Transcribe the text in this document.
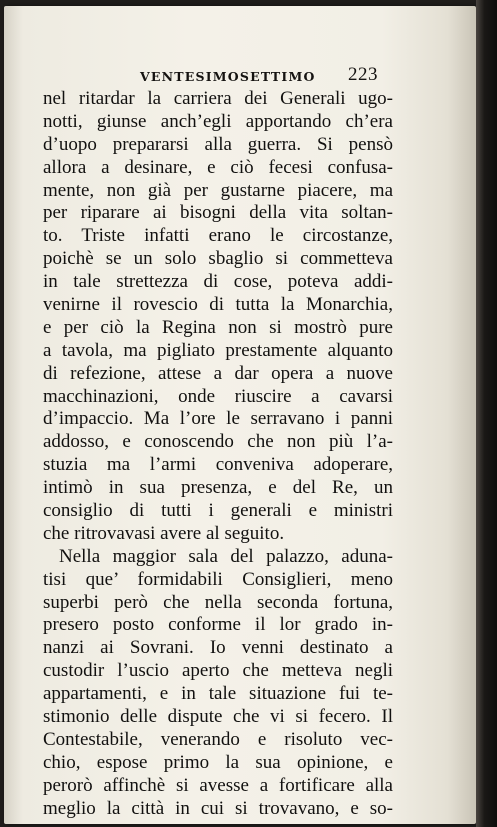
VENTESIMOSETTIMO 223
nel ritardar la carriera dei Generali ugo-
notti, giunse anch’egli apportando ch’era
d’uopo prepararsi alla guerra. Si pensò
allora a desinare, e ciò fecesi confusa-
mente, non già per gustarne piacere, ma
per riparare ai bisogni della vita soltan-
to. Triste infatti erano le circostanze,
poichè se un solo sbaglio si commetteva
in tale strettezza di cose, poteva addi-
venirne il rovescio di tutta la Monarchia,
e per ciò la Regina non si mostrò pure
a tavola, ma pigliato prestamente alquanto
di refezione, attese a dar opera a nuove
macchinazioni, onde riuscire a cavarsi
d’impaccio. Ma l’ore le serravano i panni
addosso, e conoscendo che non più l’a-
stuzia ma l’armi conveniva adoperare,
intimò in sua presenza, e del Re, un
consiglio di tutti i generali e ministri
che ritrovavasi avere al seguito.
Nella maggior sala del palazzo, aduna-
tisi que’ formidabili Consiglieri, meno
superbi però che nella seconda fortuna,
presero posto conforme il lor grado in-
nanzi ai Sovrani. Io venni destinato a
custodir l’uscio aperto che metteva negli
appartamenti, e in tale situazione fui te-
stimonio delle dispute che vi si fecero. Il
Contestabile, venerando e risoluto vec-
chio, espose primo la sua opinione, e
perorò affinchè si avesse a fortificare alla
meglio la città in cui si trovavano, e so-
